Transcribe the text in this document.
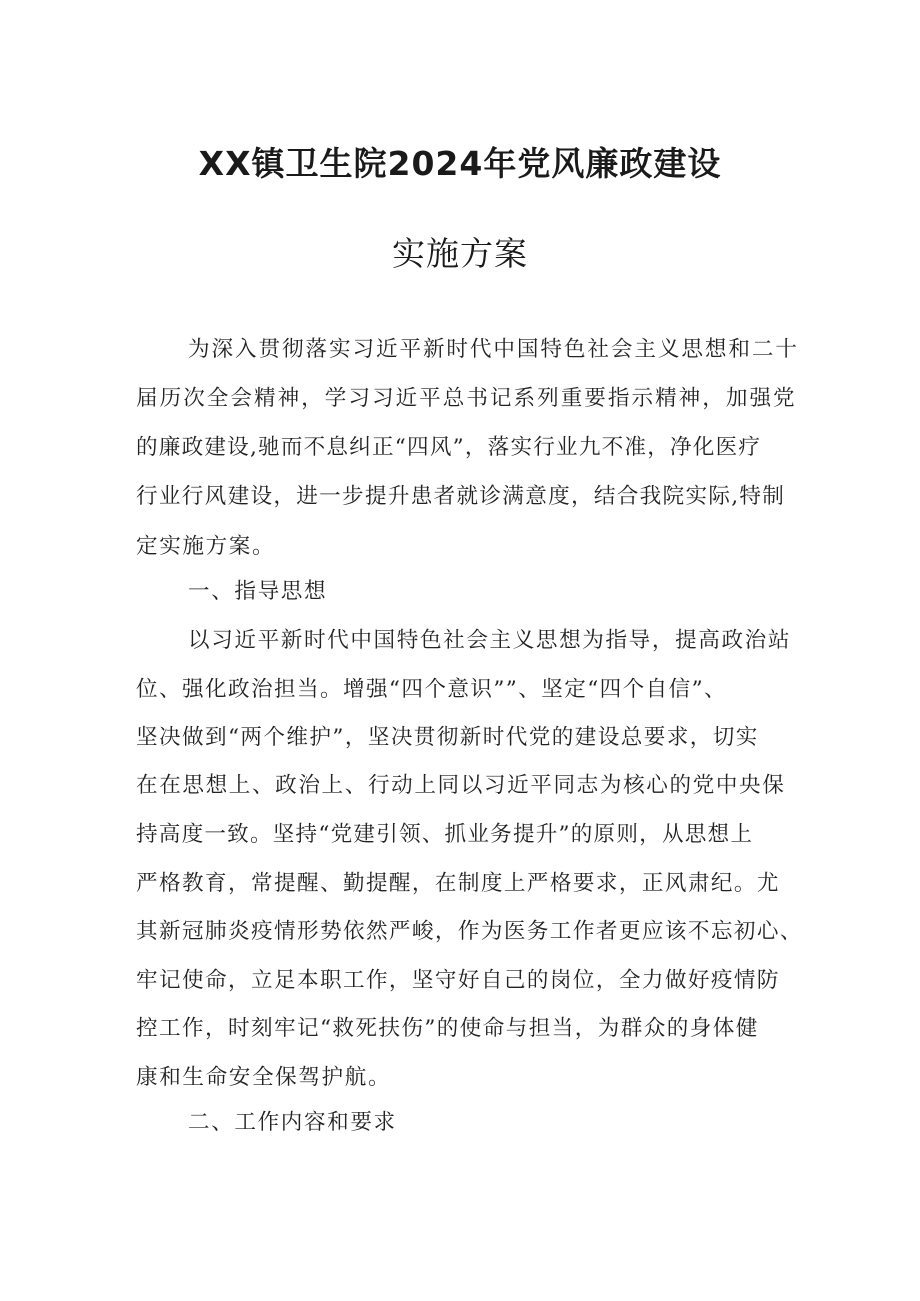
XX镇卫生院2024年党风廉政建设
实施方案
为深入贯彻落实习近平新时代中国特色社会主义思想和二十
届历次全会精神，学习习近平总书记系列重要指示精神，加强党
的廉政建设,驰而不息纠正“四风”，落实行业九不准，净化医疗
行业行风建设，进一步提升患者就诊满意度，结合我院实际,特制
定实施方案。
一、指导思想
以习近平新时代中国特色社会主义思想为指导，提高政治站
位、强化政治担当。增强“四个意识””、坚定“四个自信”、
坚决做到“两个维护”，坚决贯彻新时代党的建设总要求，切实
在在思想上、政治上、行动上同以习近平同志为核心的党中央保
持高度一致。坚持“党建引领、抓业务提升”的原则，从思想上
严格教育，常提醒、勤提醒，在制度上严格要求，正风肃纪。尤
其新冠肺炎疫情形势依然严峻，作为医务工作者更应该不忘初心、
牢记使命，立足本职工作，坚守好自己的岗位，全力做好疫情防
控工作，时刻牢记“救死扶伤”的使命与担当，为群众的身体健
康和生命安全保驾护航。
二、工作内容和要求
